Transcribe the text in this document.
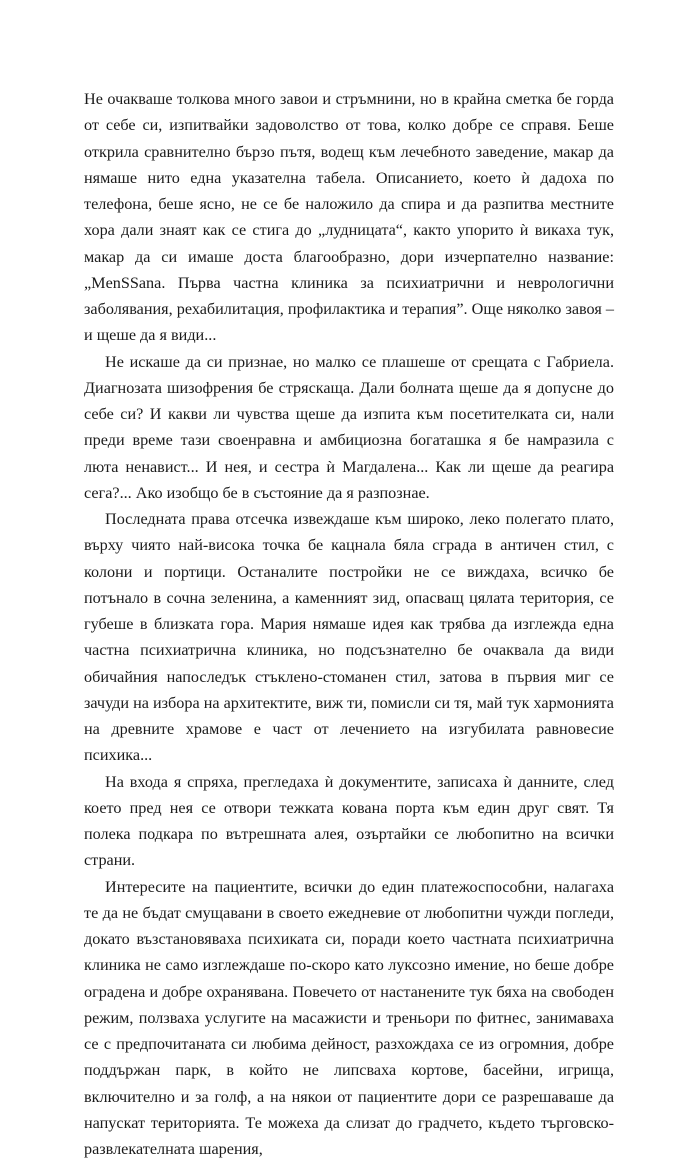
Не очакваше толкова много завои и стръмнини, но в крайна сметка бе горда от себе си, изпитвайки задоволство от това, колко добре се справя. Беше открила сравнително бързо пътя, водещ към лечебното заведение, макар да нямаше нито една указателна табела. Описанието, което ѝ дадоха по телефона, беше ясно, не се бе наложило да спира и да разпитва местните хора дали знаят как се стига до „лудницата“, както упорито ѝ викаха тук, макар да си имаше доста благообразно, дори изчерпателно название: „MenSSana. Първа частна клиника за психиатрични и неврологични заболявания, рехабилитация, профилактика и терапия”. Още няколко завоя – и щеше да я види...

Не искаше да си признае, но малко се плашеше от срещата с Габриела. Диагнозата шизофрения бе стряскаща. Дали болната щеше да я допусне до себе си? И какви ли чувства щеше да изпита към посетителката си, нали преди време тази своенравна и амбициозна богаташка я бе намразила с люта ненавист... И нея, и сестра ѝ Магдалена... Как ли щеше да реагира сега?... Ако изобщо бе в състояние да я разпознае.

Последната права отсечка извеждаше към широко, леко полегато плато, върху чиято най-висока точка бе кацнала бяла сграда в античен стил, с колони и портици. Останалите постройки не се виждаха, всичко бе потънало в сочна зеленина, а каменният зид, опасващ цялата територия, се губеше в близката гора. Мария нямаше идея как трябва да изглежда една частна психиатрична клиника, но подсъзнателно бе очаквала да види обичайния напоследък стъклено-стоманен стил, затова в първия миг се зачуди на избора на архитектите, виж ти, помисли си тя, май тук хармонията на древните храмове е част от лечението на изгубилата равновесие психика...

На входа я спряха, прегледаха ѝ документите, записаха ѝ данните, след което пред нея се отвори тежката кована порта към един друг свят. Тя полека подкара по вътрешната алея, озъртайки се любопитно на всички страни.

Интересите на пациентите, всички до един платежоспособни, налагаха те да не бъдат смущавани в своето ежедневие от любопитни чужди погледи, докато възстановяваха психиката си, поради което частната психиатрична клиника не само изглеждаше по-скоро като луксозно имение, но беше добре оградена и добре охранявана. Повечето от настанените тук бяха на свободен режим, ползваха услугите на масажисти и треньори по фитнес, занимаваха се с предпочитаната си любима дейност, разхождаха се из огромния, добре поддържан парк, в който не липсваха кортове, басейни, игрища, включително и за голф, а на някои от пациентите дори се разрешаваше да напускат територията. Те можеха да слизат до градчето, където търговско-развлекателната шарения,
